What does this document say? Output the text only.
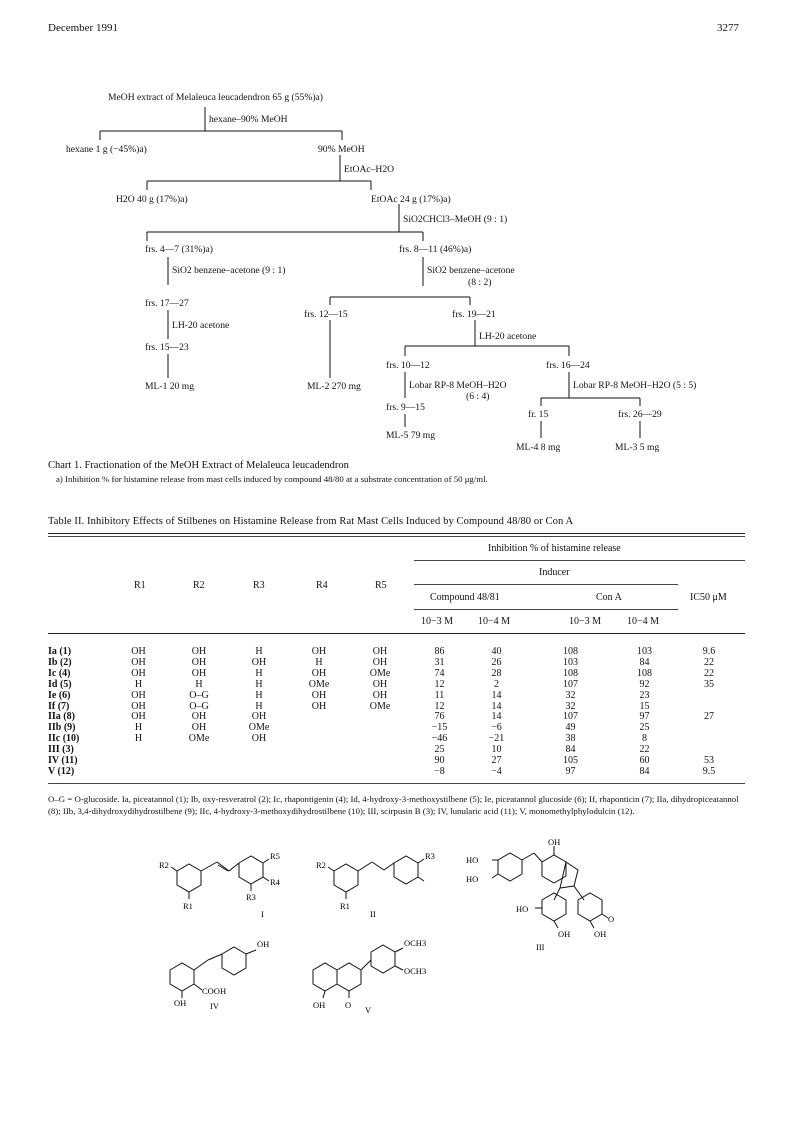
December 1991	3277
MeOH extract of Melaleuca leucadendron 65 g (55%)a)
hexane–90% MeOH
hexane 1 g (−45%)a)	90% MeOH
EtOAc–H2O
H2O 40 g (17%)a)	EtOAc 24 g (17%)a)
SiO2CHCl3–MeOH (9 : 1)
frs. 4—7 (31%)a)	frs. 8—11 (46%)a)
SiO2 benzene–acetone (9 : 1)	SiO2 benzene–acetone
(8 : 2)
frs. 17—27
frs. 12—15	frs. 19—21
LH-20 acetone
LH-20 acetone
frs. 15—23
frs. 10—12	frs. 16—24
ML-1 20 mg	ML-2 270 mg	Lobar RP-8 MeOH–H2O
(6 : 4)
Lobar RP-8 MeOH–H2O (5 : 5)
frs. 9—15
fr. 15	frs. 26—29
ML-5 79 mg
ML-4 8 mg	ML-3 5 mg
Chart 1. Fractionation of the MeOH Extract of Melaleuca leucadendron
a) Inhibition % for histamine release from mast cells induced by compound 48/80 at a substrate concentration of 50 μg/ml.
Table II. Inhibitory Effects of Stilbenes on Histamine Release from Rat Mast Cells Induced by Compound 48/80 or Con A
Inhibition % of histamine release
Inducer
R1	R2	R3	R4	R5
Compound 48/81	Con A	IC50 μM
10−3 M 10−4 M	10−3 M	10−4 M
Ia (1)	OH	OH	H	OH	OH	86	40	108	103	9.6
Ib (2)	OH	OH	OH	H	OH	31	26	103	84	22
Ic (4)	OH	OH	H	OH	OMe	74	28	108	108	22
Id (5)	H	H	H	OMe	OH	12	2	107	92	35
Ie (6)	OH	O–G	H	OH	OH	11	14	32	23	
If (7)	OH	O–G	H	OH	OMe	12	14	32	15	
IIa (8)	OH	OH	OH			76	14	107	97	27
IIb (9)	H	OH	OMe			−15	−6	49	25	
IIc (10)	H	OMe	OH			−46	−21	38	8	
III (3)						25	10	84	22	
IV (11)						90	27	105	60	53
V (12)						−8	−4	97	84	9.5
O–G = O-glucoside. Ia, piceatannol (1); Ib, oxy-resveratrol (2); Ic, rhapontigenin (4); Id, 4-hydroxy-3-methoxystilbene (5); Ie, piceatannol glucoside (6); If, rhaponticin (7); IIa, dihydropiceatannol (8); IIb, 3,4-dihydroxydihydrostilbene (9); IIc, 4-hydroxy-3-methoxydihydrostilbene (10); III, scirpusin B (3); IV, lunularic acid (11); V, monomethylphylodulcin (12).
R2
R1
R5
R4
R3
I
R2
R1
R3
II
OH
HO
HO
HO
OH	OH
O
III
OH
COOH
OH	IV
OCH3
OCH3
OH O V
